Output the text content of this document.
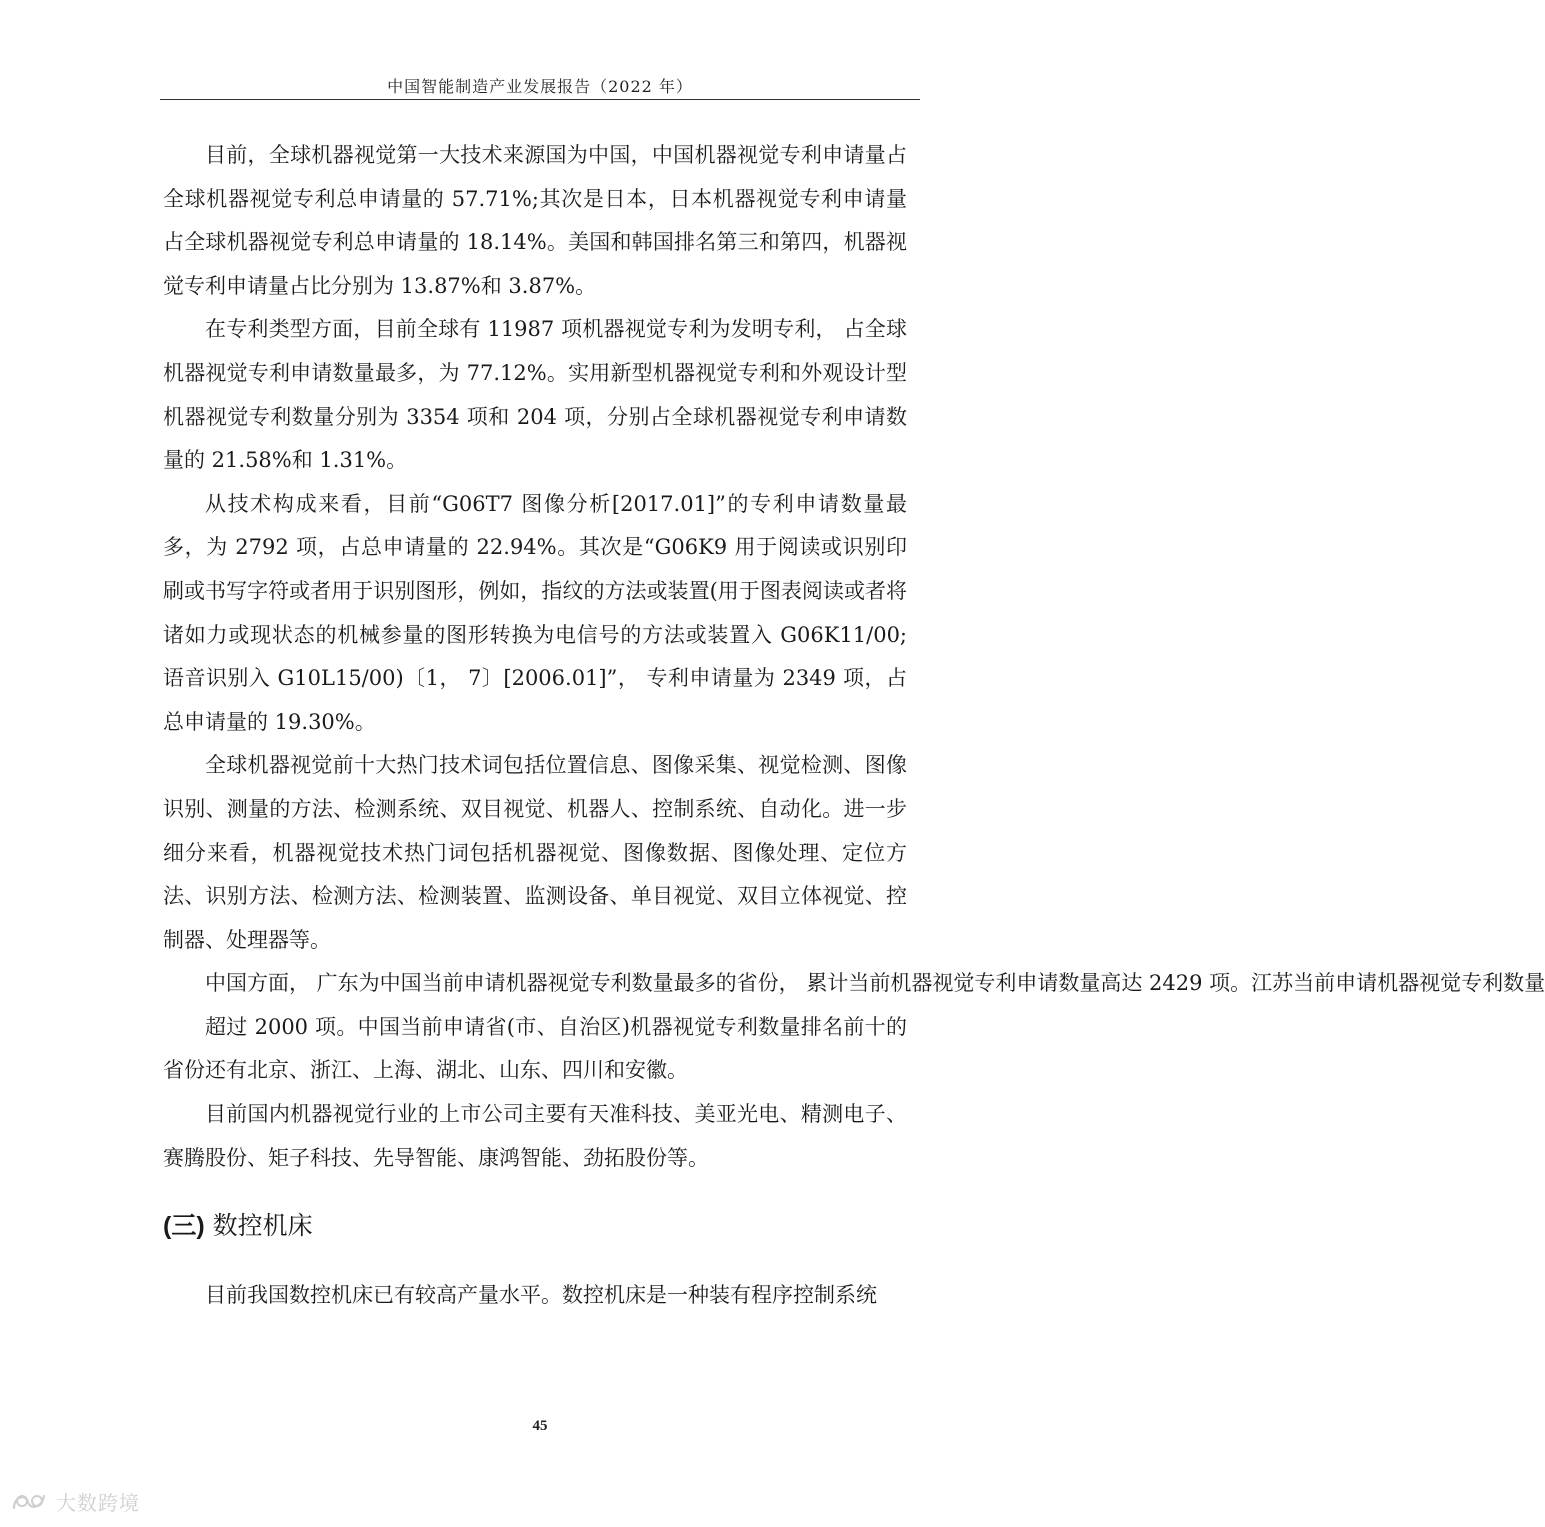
中国智能制造产业发展报告（2022 年）

目前，全球机器视觉第一大技术来源国为中国，中国机器视觉专利申请量占全球机器视觉专利总申请量的 57.71%;其次是日本，日本机器视觉专利申请量占全球机器视觉专利总申请量的 18.14%。美国和韩国排名第三和第四，机器视觉专利申请量占比分别为 13.87%和 3.87%。

在专利类型方面，目前全球有 11987 项机器视觉专利为发明专利， 占全球机器视觉专利申请数量最多，为 77.12%。实用新型机器视觉专利和外观设计型机器视觉专利数量分别为 3354 项和 204 项，分别占全球机器视觉专利申请数量的 21.58%和 1.31%。

从技术构成来看，目前“G06T7 图像分析[2017.01]”的专利申请数量最多，为 2792 项，占总申请量的 22.94%。其次是“G06K9 用于阅读或识别印刷或书写字符或者用于识别图形，例如，指纹的方法或装置(用于图表阅读或者将诸如力或现状态的机械参量的图形转换为电信号的方法或装置入 G06K11/00; 语音识别入 G10L15/00)〔1， 7〕[2006.01]”， 专利申请量为 2349 项，占总申请量的 19.30%。

全球机器视觉前十大热门技术词包括位置信息、图像采集、视觉检测、图像识别、测量的方法、检测系统、双目视觉、机器人、控制系统、自动化。进一步细分来看，机器视觉技术热门词包括机器视觉、图像数据、图像处理、定位方法、识别方法、检测方法、检测装置、监测设备、单目视觉、双目立体视觉、控制器、处理器等。

中国方面， 广东为中国当前申请机器视觉专利数量最多的省份， 累计当前机器视觉专利申请数量高达 2429 项。江苏当前申请机器视觉专利数量

超过 2000 项。中国当前申请省(市、自治区)机器视觉专利数量排名前十的省份还有北京、浙江、上海、湖北、山东、四川和安徽。

目前国内机器视觉行业的上市公司主要有天准科技、美亚光电、精测电子、赛腾股份、矩子科技、先导智能、康鸿智能、劲拓股份等。

(三) 数控机床

目前我国数控机床已有较高产量水平。数控机床是一种装有程序控制系统

45
大数跨境
